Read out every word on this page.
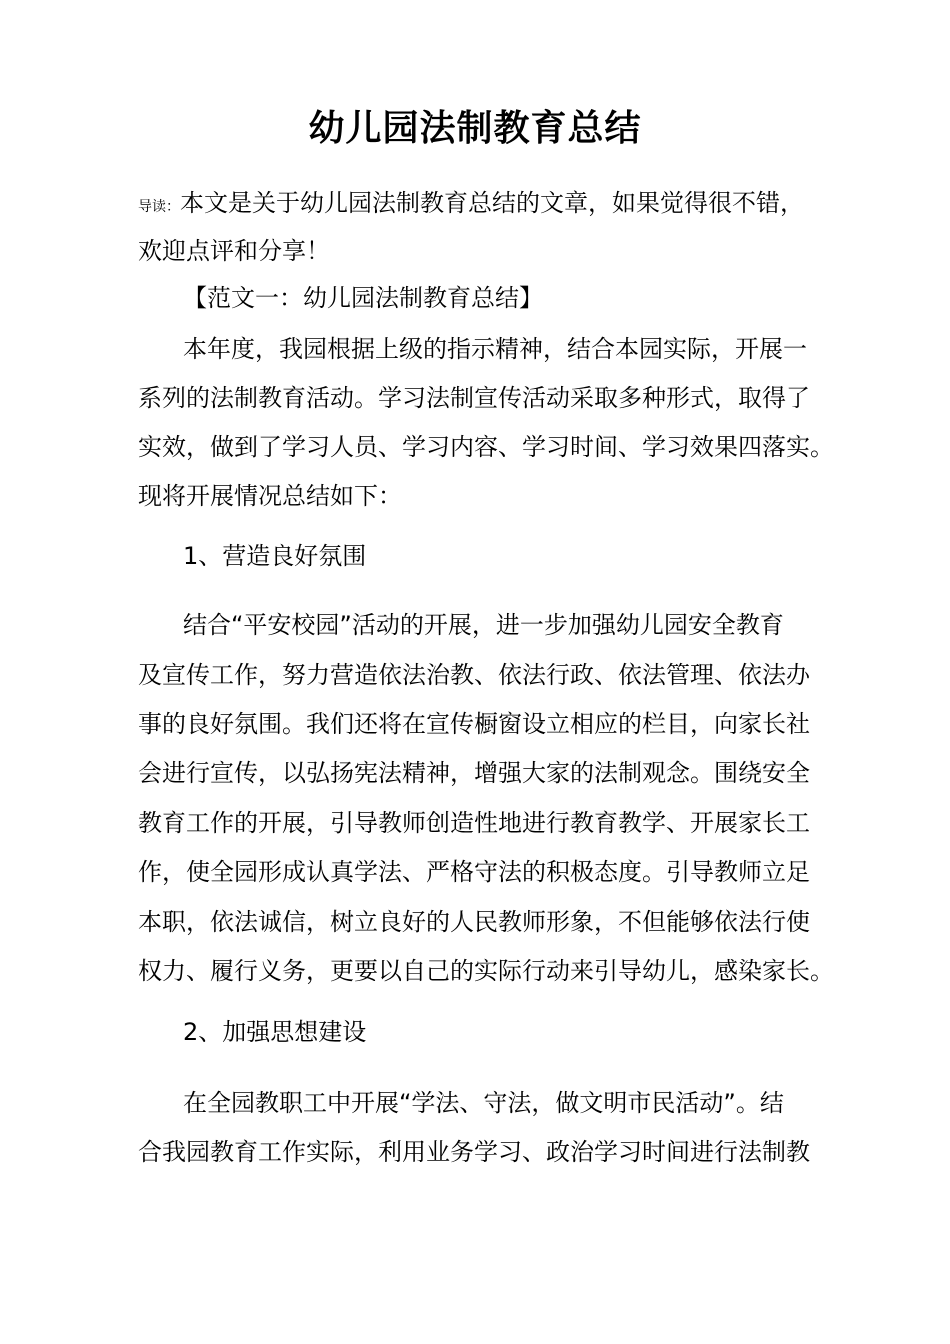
幼儿园法制教育总结
导读：本文是关于幼儿园法制教育总结的文章，如果觉得很不错，
欢迎点评和分享！
【范文一：幼儿园法制教育总结】
本年度，我园根据上级的指示精神，结合本园实际，开展一
系列的法制教育活动。学习法制宣传活动采取多种形式，取得了
实效，做到了学习人员、学习内容、学习时间、学习效果四落实。
现将开展情况总结如下：
1、营造良好氛围
结合“平安校园”活动的开展，进一步加强幼儿园安全教育
及宣传工作，努力营造依法治教、依法行政、依法管理、依法办
事的良好氛围。我们还将在宣传橱窗设立相应的栏目，向家长社
会进行宣传，以弘扬宪法精神，增强大家的法制观念。围绕安全
教育工作的开展，引导教师创造性地进行教育教学、开展家长工
作，使全园形成认真学法、严格守法的积极态度。引导教师立足
本职，依法诚信，树立良好的人民教师形象，不但能够依法行使
权力、履行义务，更要以自己的实际行动来引导幼儿，感染家长。
2、加强思想建设
在全园教职工中开展“学法、守法，做文明市民活动”。结
合我园教育工作实际，利用业务学习、政治学习时间进行法制教
